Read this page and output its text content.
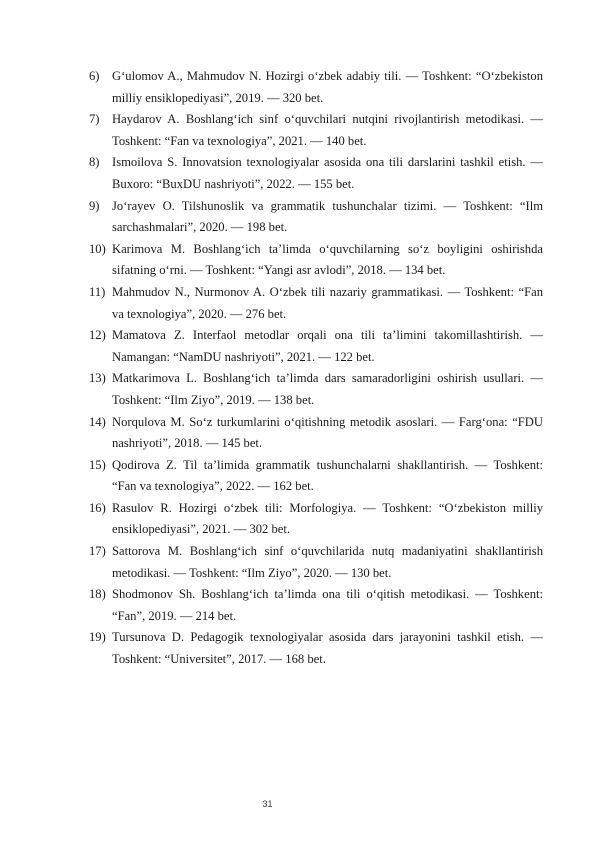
6) G‘ulomov A., Mahmudov N. Hozirgi o‘zbek adabiy tili. — Toshkent: “O‘zbekiston milliy ensiklopediyasi”, 2019. — 320 bet.
7) Haydarov A. Boshlang‘ich sinf o‘quvchilari nutqini rivojlantirish metodikasi. — Toshkent: “Fan va texnologiya”, 2021. — 140 bet.
8) Ismoilova S. Innovatsion texnologiyalar asosida ona tili darslarini tashkil etish. — Buxoro: “BuxDU nashriyoti”, 2022. — 155 bet.
9) Jo‘rayev O. Tilshunoslik va grammatik tushunchalar tizimi. — Toshkent: “Ilm sarchashmalari”, 2020. — 198 bet.
10) Karimova M. Boshlang‘ich ta’limda o‘quvchilarning so‘z boyligini oshirishda sifatning o‘rni. — Toshkent: “Yangi asr avlodi”, 2018. — 134 bet.
11) Mahmudov N., Nurmonov A. O‘zbek tili nazariy grammatikasi. — Toshkent: “Fan va texnologiya”, 2020. — 276 bet.
12) Mamatova Z. Interfaol metodlar orqali ona tili ta’limini takomillashtirish. — Namangan: “NamDU nashriyoti”, 2021. — 122 bet.
13) Matkarimova L. Boshlang‘ich ta’limda dars samaradorligini oshirish usullari. — Toshkent: “Ilm Ziyo”, 2019. — 138 bet.
14) Norqulova M. So‘z turkumlarini o‘qitishning metodik asoslari. — Farg‘ona: “FDU nashriyoti”, 2018. — 145 bet.
15) Qodirova Z. Til ta’limida grammatik tushunchalarni shakllantirish. — Toshkent: “Fan va texnologiya”, 2022. — 162 bet.
16) Rasulov R. Hozirgi o‘zbek tili: Morfologiya. — Toshkent: “O‘zbekiston milliy ensiklopediyasi”, 2021. — 302 bet.
17) Sattorova M. Boshlang‘ich sinf o‘quvchilarida nutq madaniyatini shakllantirish metodikasi. — Toshkent: “Ilm Ziyo”, 2020. — 130 bet.
18) Shodmonov Sh. Boshlang‘ich ta’limda ona tili o‘qitish metodikasi. — Toshkent: “Fan”, 2019. — 214 bet.
19) Tursunova D. Pedagogik texnologiyalar asosida dars jarayonini tashkil etish. — Toshkent: “Universitet”, 2017. — 168 bet.
31
